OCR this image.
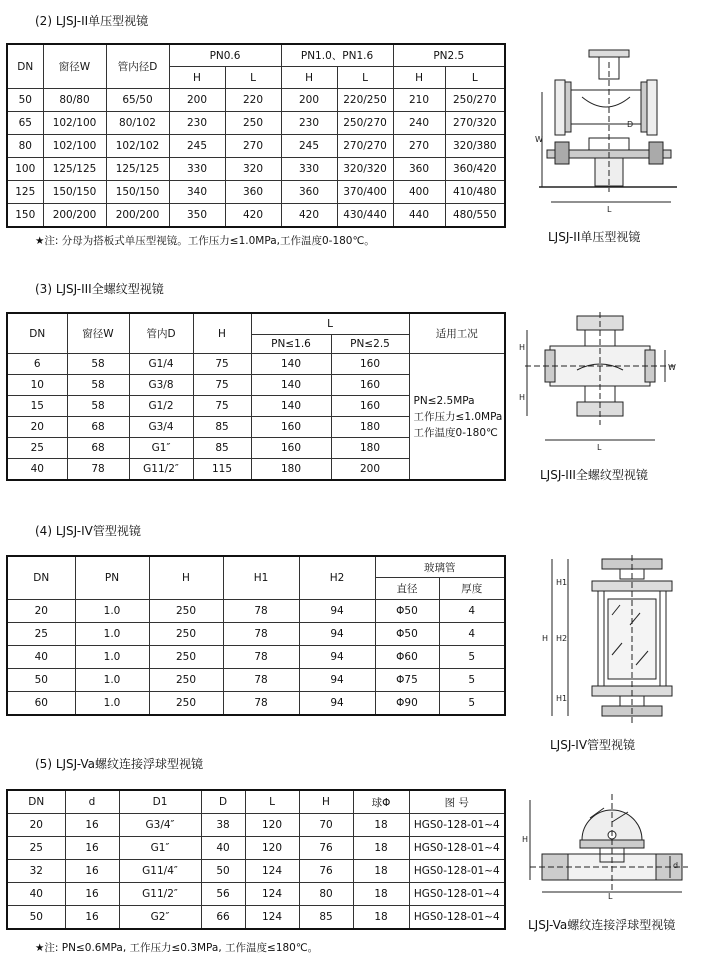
(2) LJSJ-II单压型视镜
DN	窗径W	管内径D	PN0.6		PN1.0、PN1.6		PN2.5	
			H	L	H	L	H	L
50	80/80	65/50	200	220	200	220/250	210	250/270
65	102/100	80/102	230	250	230	250/270	240	270/320
80	102/100	102/102	245	270	245	270/270	270	320/380
100	125/125	125/125	330	320	330	320/320	360	360/420
125	150/150	150/150	340	360	360	370/400	400	410/480
150	200/200	200/200	350	420	420	430/440	440	480/550
★注: 分母为搭板式单压型视镜。工作压力≤1.0MPa,工作温度0-180℃。
W
D
L
LJSJ-II单压型视镜
(3) LJSJ-III全螺纹型视镜
DN	窗径W	管内D	H	L		适用工况
				PN≤1.6	PN≤2.5	
6	58	G1/4	75	140	160	PN≤2.5MPa
工作压力≤1.0MPa
工作温度0-180℃

10	58	G3/8	75	140	160	
15	58	G1/2	75	140	160	
20	68	G3/4	85	160	180	
25	68	G1″	85	160	180	
40	78	G11/2″	115	180	200	
H
H
L
W
LJSJ-III全螺纹型视镜
(4) LJSJ-IV管型视镜
DN	PN	H	H1	H2	玻璃管	
					直径	厚度
20	1.0	250	78	94	Φ50	4
25	1.0	250	78	94	Φ50	4
40	1.0	250	78	94	Φ60	5
50	1.0	250	78	94	Φ75	5
60	1.0	250	78	94	Φ90	5
H
H1
H2
H1
LJSJ-IV管型视镜
(5) LJSJ-Va螺纹连接浮球型视镜
DN	d	D1	D	L	H	球Φ	图 号
20	16	G3/4″	38	120	70	18	HGS0-128-01~4
25	16	G1″	40	120	76	18	HGS0-128-01~4
32	16	G11/4″	50	124	76	18	HGS0-128-01~4
40	16	G11/2″	56	124	80	18	HGS0-128-01~4
50	16	G2″	66	124	85	18	HGS0-128-01~4
★注: PN≤0.6MPa, 工作压力≤0.3MPa, 工作温度≤180℃。
H
L
d
LJSJ-Va螺纹连接浮球型视镜
